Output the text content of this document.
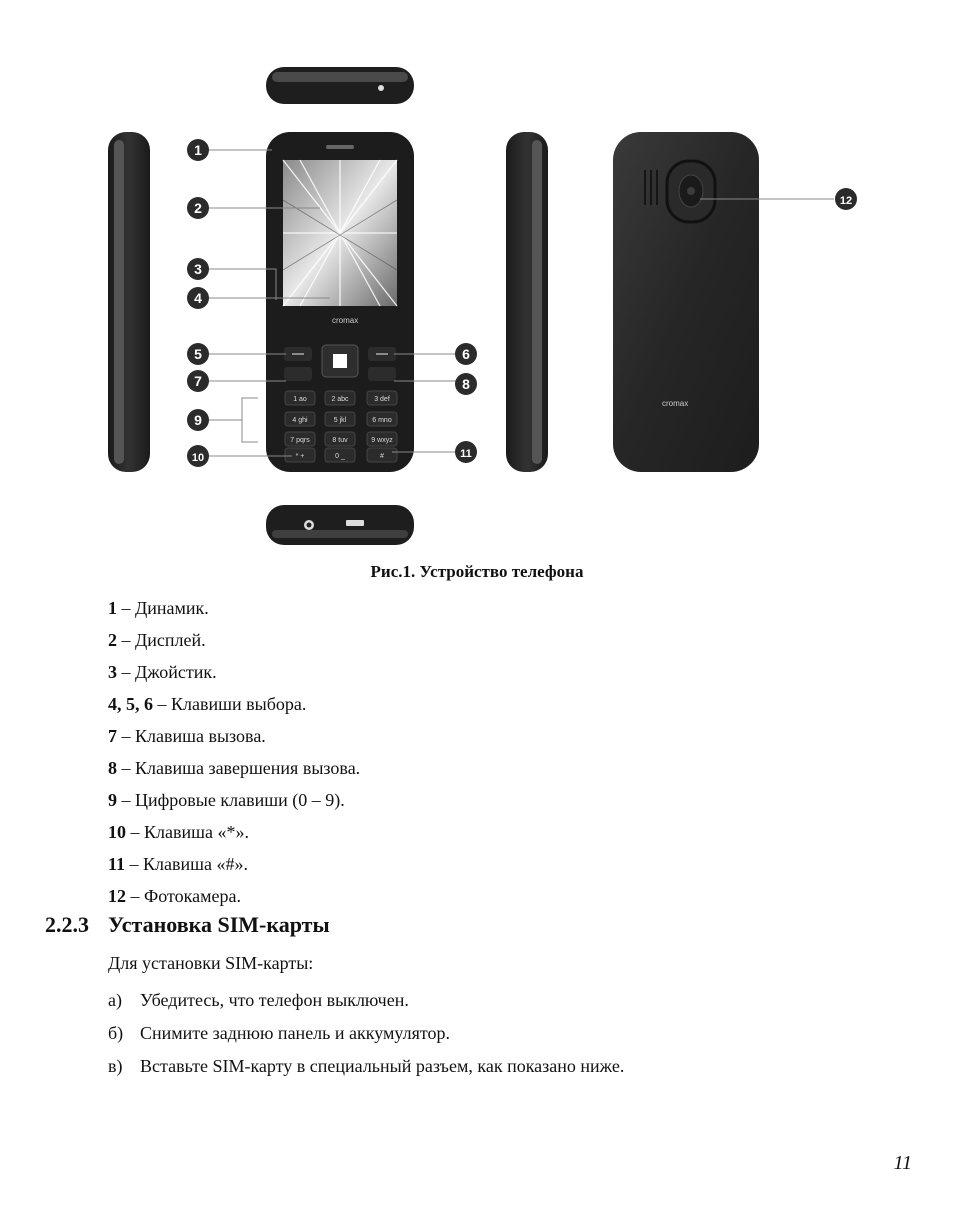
cromax
1 ao	2 abc	3 def
4 ghi	5 jkl	6 mno
7 pqrs	8 tuv	9 wxyz
* +	0 _	#
cromax
1
2
3
4
5	6
7	8
9
10	11
12
Рис.1. Устройство телефона
1 – Динамик.
2 – Дисплей.
3 – Джойстик.
4, 5, 6 – Клавиши выбора.
7 – Клавиша вызова.
8 – Клавиша завершения вызова.
9 – Цифровые клавиши (0 – 9).
10 – Клавиша «*».
11 – Клавиша «#».
12 – Фотокамера.
2.2.3 Установка SIM-карты
Для установки SIM-карты:
а) Убедитесь, что телефон выключен.
б) Снимите заднюю панель и аккумулятор.
в) Вставьте SIM-карту в специальный разъем, как показано ниже.
11
